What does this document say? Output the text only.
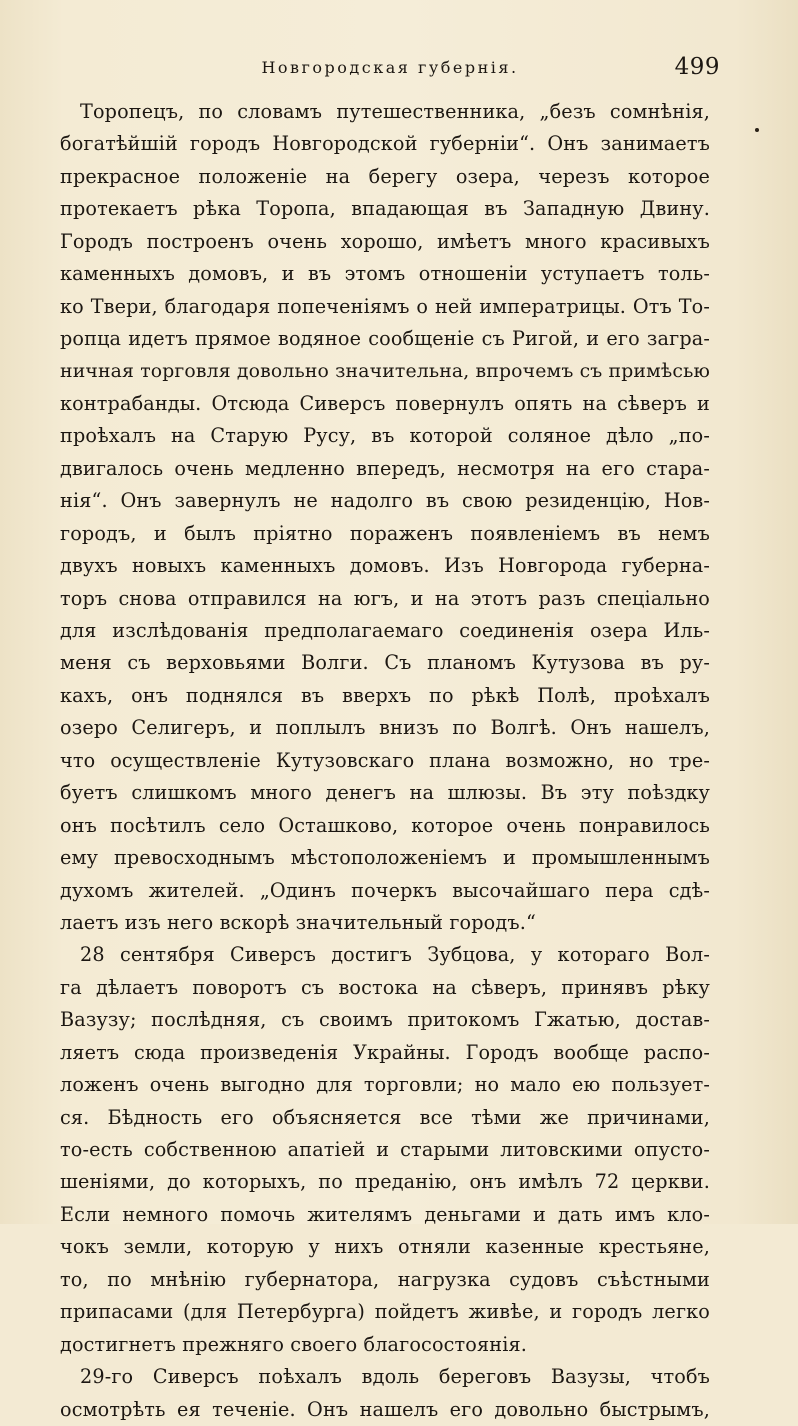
Новгородская губернія.	499
Торопецъ, по словамъ путешественника, „безъ сомнѣнія,
богатѣйшій городъ Новгородской губерніи“. Онъ занимаетъ
прекрасное положеніе на берегу озера, черезъ которое
протекаетъ рѣка Торопа, впадающая въ Западную Двину.
Городъ построенъ очень хорошо, имѣетъ много красивыхъ
каменныхъ домовъ, и въ этомъ отношеніи уступаетъ толь-
ко Твери, благодаря попеченіямъ о ней императрицы. Отъ То-
ропца идетъ прямое водяное сообщеніе съ Ригой, и его загра-
ничная торговля довольно значительна, впрочемъ съ примѣсью
контрабанды. Отсюда Сиверсъ повернулъ опять на сѣверъ и
проѣхалъ на Старую Русу, въ которой соляное дѣло „по-
двигалось очень медленно впередъ, несмотря на его стара-
нія“. Онъ завернулъ не надолго въ свою резиденцію, Нов-
городъ, и былъ пріятно пораженъ появленіемъ въ немъ
двухъ новыхъ каменныхъ домовъ. Изъ Новгорода губерна-
торъ снова отправился на югъ, и на этотъ разъ спеціально
для изслѣдованія предполагаемаго соединенія озера Иль-
меня съ верховьями Волги. Съ планомъ Кутузова въ ру-
кахъ, онъ поднялся въ вверхъ по рѣкѣ Полѣ, проѣхалъ
озеро Селигеръ, и поплылъ внизъ по Волгѣ. Онъ нашелъ,
что осуществленіе Кутузовскаго плана возможно, но тре-
буетъ слишкомъ много денегъ на шлюзы. Въ эту поѣздку
онъ посѣтилъ село Осташково, которое очень понравилось
ему превосходнымъ мѣстоположеніемъ и промышленнымъ
духомъ жителей. „Одинъ почеркъ высочайшаго пера сдѣ-
лаетъ изъ него вскорѣ значительный городъ.“
28 сентября Сиверсъ достигъ Зубцова, у котораго Вол-
га дѣлаетъ поворотъ съ востока на сѣверъ, принявъ рѣку
Вазузу; послѣдняя, съ своимъ притокомъ Гжатью, достав-
ляетъ сюда произведенія Украйны. Городъ вообще распо-
ложенъ очень выгодно для торговли; но мало ею пользует-
ся. Бѣдность его объясняется все тѣми же причинами,
то-есть собственною апатіей и старыми литовскими опусто-
шеніями, до которыхъ, по преданію, онъ имѣлъ 72 церкви.
Если немного помочь жителямъ деньгами и дать имъ кло-
чокъ земли, которую у нихъ отняли казенные крестьяне,
то, по мнѣнію губернатора, нагрузка судовъ съѣстными
припасами (для Петербурга) пойдетъ живѣе, и городъ легко
достигнетъ прежняго своего благосостоянія.
29-го Сиверсъ поѣхалъ вдоль береговъ Вазузы, чтобъ
осмотрѣть ея теченіе. Онъ нашелъ его довольно быстрымъ,
